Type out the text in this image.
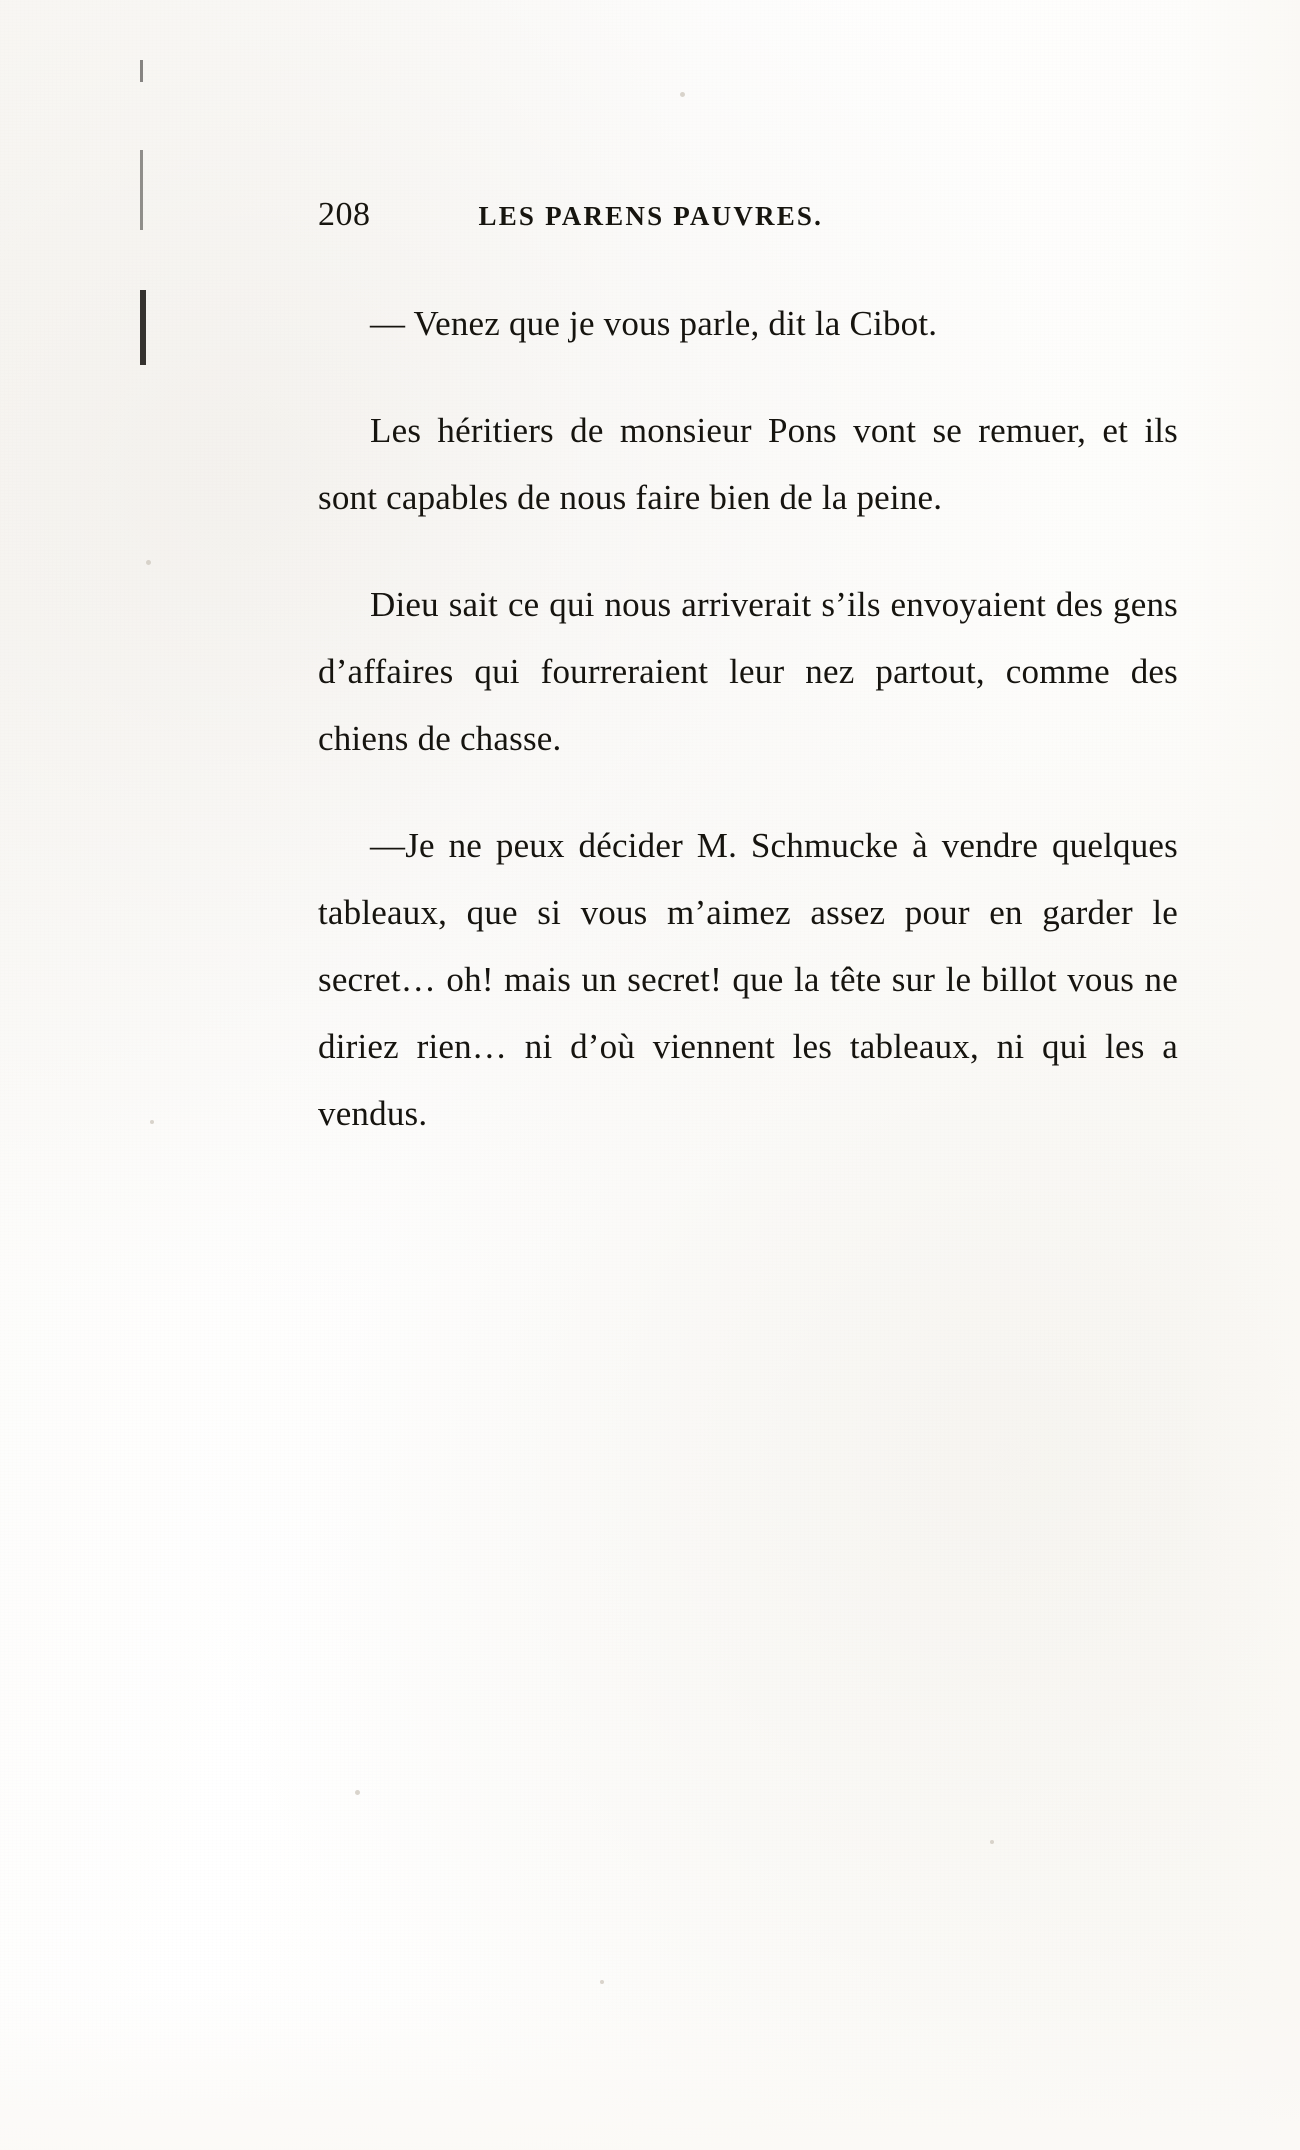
208	LES PARENS PAUVRES.

— Venez que je vous parle, dit la Cibot.

Les héritiers de monsieur Pons vont se remuer, et ils sont capables de nous faire bien de la peine.

Dieu sait ce qui nous arriverait s’ils envoyaient des gens d’affaires qui fourreraient leur nez partout, comme des chiens de chasse.

—Je ne peux décider M. Schmucke à vendre quelques tableaux, que si vous m’aimez assez pour en garder le secret… oh! mais un secret! que la tête sur le billot vous ne diriez rien… ni d’où viennent les tableaux, ni qui les a vendus.
